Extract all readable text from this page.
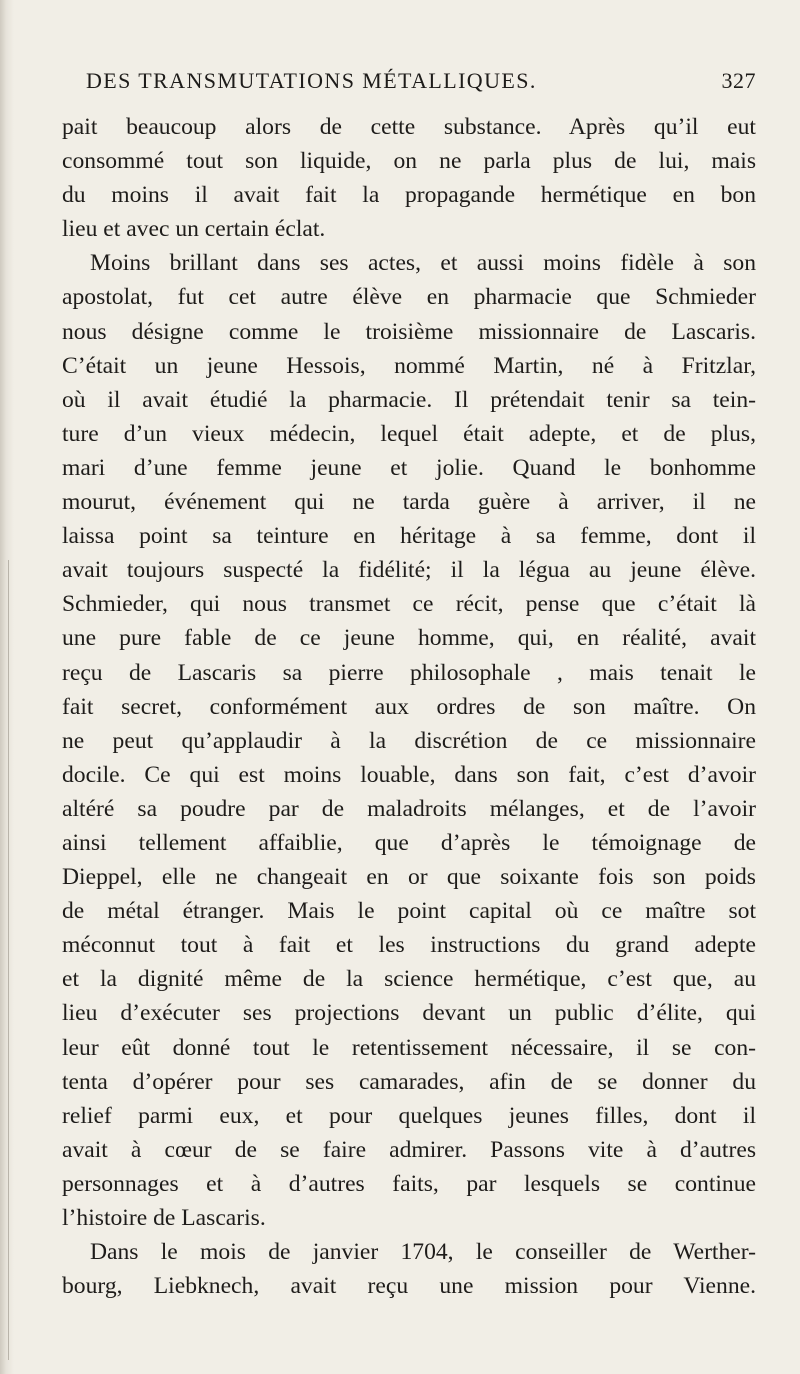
DES TRANSMUTATIONS MÉTALLIQUES.	327
pait beaucoup alors de cette substance. Après qu’il eut
consommé tout son liquide, on ne parla plus de lui, mais
du moins il avait fait la propagande hermétique en bon
lieu et avec un certain éclat.
Moins brillant dans ses actes, et aussi moins fidèle à son
apostolat, fut cet autre élève en pharmacie que Schmieder
nous désigne comme le troisième missionnaire de Lascaris.
C’était un jeune Hessois, nommé Martin, né à Fritzlar,
où il avait étudié la pharmacie. Il prétendait tenir sa tein-
ture d’un vieux médecin, lequel était adepte, et de plus,
mari d’une femme jeune et jolie. Quand le bonhomme
mourut, événement qui ne tarda guère à arriver, il ne
laissa point sa teinture en héritage à sa femme, dont il
avait toujours suspecté la fidélité; il la légua au jeune élève.
Schmieder, qui nous transmet ce récit, pense que c’était là
une pure fable de ce jeune homme, qui, en réalité, avait
reçu de Lascaris sa pierre philosophale , mais tenait le
fait secret, conformément aux ordres de son maître. On
ne peut qu’applaudir à la discrétion de ce missionnaire
docile. Ce qui est moins louable, dans son fait, c’est d’avoir
altéré sa poudre par de maladroits mélanges, et de l’avoir
ainsi tellement affaiblie, que d’après le témoignage de
Dieppel, elle ne changeait en or que soixante fois son poids
de métal étranger. Mais le point capital où ce maître sot
méconnut tout à fait et les instructions du grand adepte
et la dignité même de la science hermétique, c’est que, au
lieu d’exécuter ses projections devant un public d’élite, qui
leur eût donné tout le retentissement nécessaire, il se con-
tenta d’opérer pour ses camarades, afin de se donner du
relief parmi eux, et pour quelques jeunes filles, dont il
avait à cœur de se faire admirer. Passons vite à d’autres
personnages et à d’autres faits, par lesquels se continue
l’histoire de Lascaris.
Dans le mois de janvier 1704, le conseiller de Werther-
bourg, Liebknech, avait reçu une mission pour Vienne.
